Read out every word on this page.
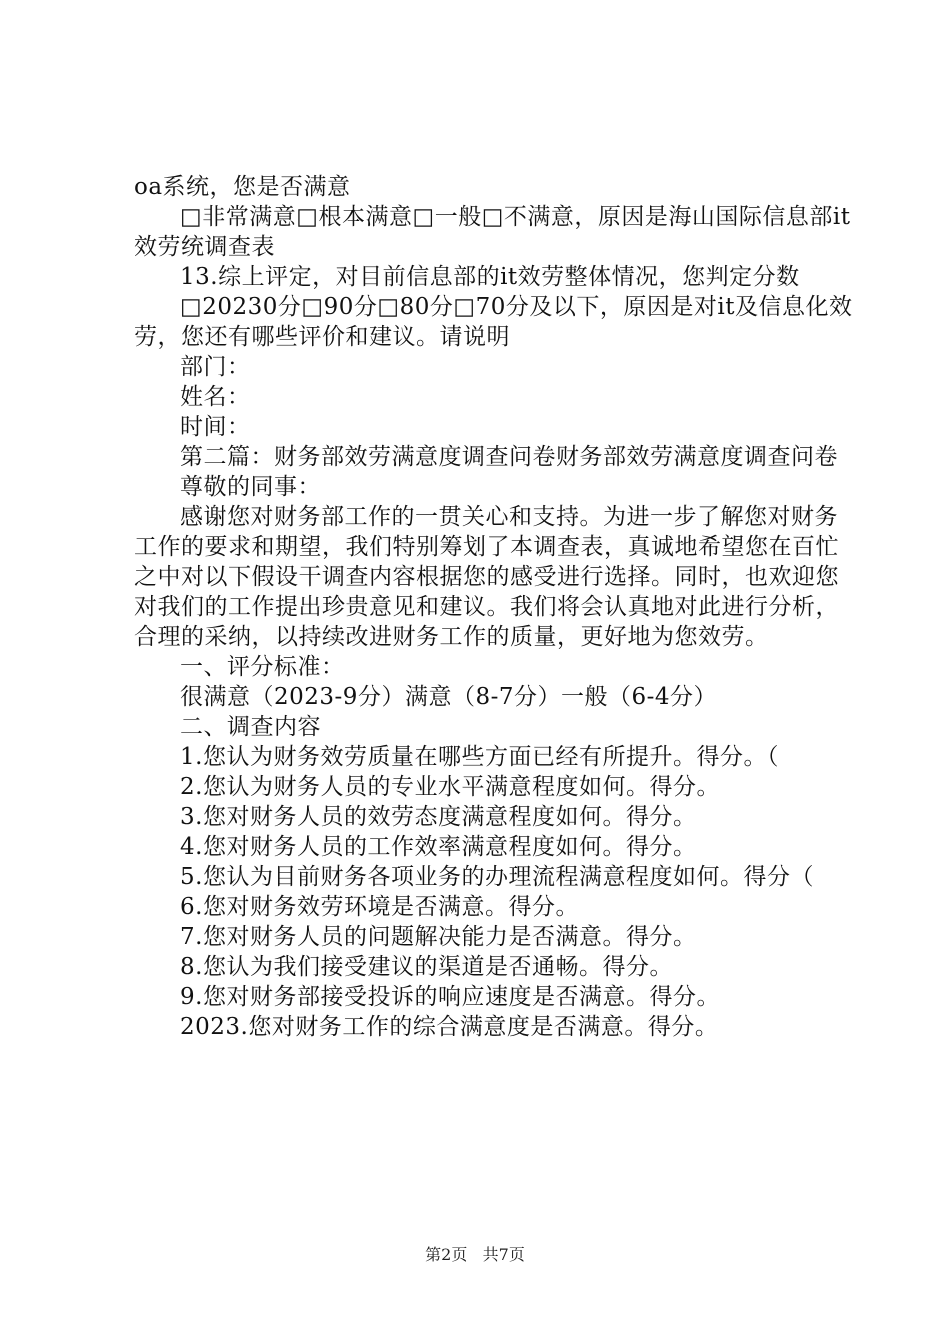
oa系统，您是否满意

□非常满意□根本满意□一般□不满意，原因是海山国际信息部it效劳统调查表

13.综上评定，对目前信息部的it效劳整体情况，您判定分数

□20230分□90分□80分□70分及以下，原因是对it及信息化效劳，您还有哪些评价和建议。请说明

部门：

姓名：

时间：

第二篇：财务部效劳满意度调查问卷财务部效劳满意度调查问卷

尊敬的同事：

感谢您对财务部工作的一贯关心和支持。为进一步了解您对财务工作的要求和期望，我们特别筹划了本调查表，真诚地希望您在百忙之中对以下假设干调查内容根据您的感受进行选择。同时，也欢迎您对我们的工作提出珍贵意见和建议。我们将会认真地对此进行分析，合理的采纳，以持续改进财务工作的质量，更好地为您效劳。

一、评分标准：

很满意（2023-9分）满意（8-7分）一般（6-4分）

二、调查内容

1.您认为财务效劳质量在哪些方面已经有所提升。得分。（

2.您认为财务人员的专业水平满意程度如何。得分。

3.您对财务人员的效劳态度满意程度如何。得分。

4.您对财务人员的工作效率满意程度如何。得分。

5.您认为目前财务各项业务的办理流程满意程度如何。得分（

6.您对财务效劳环境是否满意。得分。

7.您对财务人员的问题解决能力是否满意。得分。

8.您认为我们接受建议的渠道是否通畅。得分。

9.您对财务部接受投诉的响应速度是否满意。得分。

2023.您对财务工作的综合满意度是否满意。得分。

第2页 共7页
